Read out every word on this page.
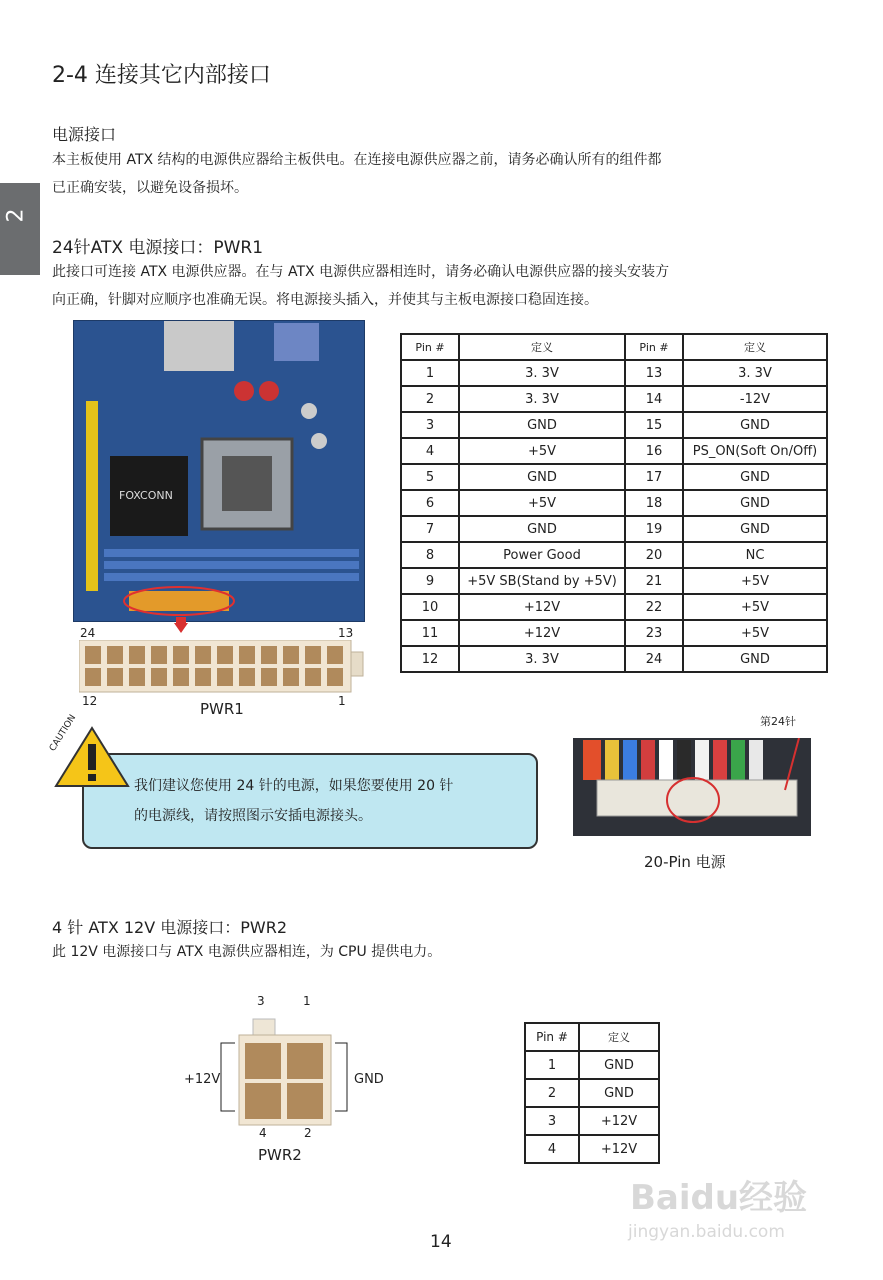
2
2-4 连接其它内部接口
电源接口
本主板使用 ATX 结构的电源供应器给主板供电。在连接电源供应器之前，请务必确认所有的组件都
已正确安装，以避免设备损坏。
24针ATX 电源接口：PWR1
此接口可连接 ATX 电源供应器。在与 ATX 电源供应器相连时，请务必确认电源供应器的接头安装方
向正确，针脚对应顺序也准确无误。将电源接头插入，并使其与主板电源接口稳固连接。
FOXCONN
24	13
12	1
PWR1
Pin #	定义	Pin #	定义
1	3. 3V	13	3. 3V
2	3. 3V	14	-12V
3	GND	15	GND
4	+5V	16	PS_ON(Soft On/Off)
5	GND	17	GND
6	+5V	18	GND
7	GND	19	GND
8	Power Good	20	NC
9	+5V SB(Stand by +5V)	21	+5V
10	+12V	22	+5V
11	+12V	23	+5V
12	3. 3V	24	GND
我们建议您使用 24 针的电源，如果您要使用 20 针
的电源线，请按照图示安插电源接头。
CAUTION	第24针
20-Pin 电源
4 针 ATX 12V 电源接口：PWR2
此 12V 电源接口与 ATX 电源供应器相连，为 CPU 提供电力。
3	1
+12V	GND
4	2
PWR2
Pin #	定义
1	GND
2	GND
3	+12V
4	+12V
14
Baidu经验
jingyan.baidu.com
